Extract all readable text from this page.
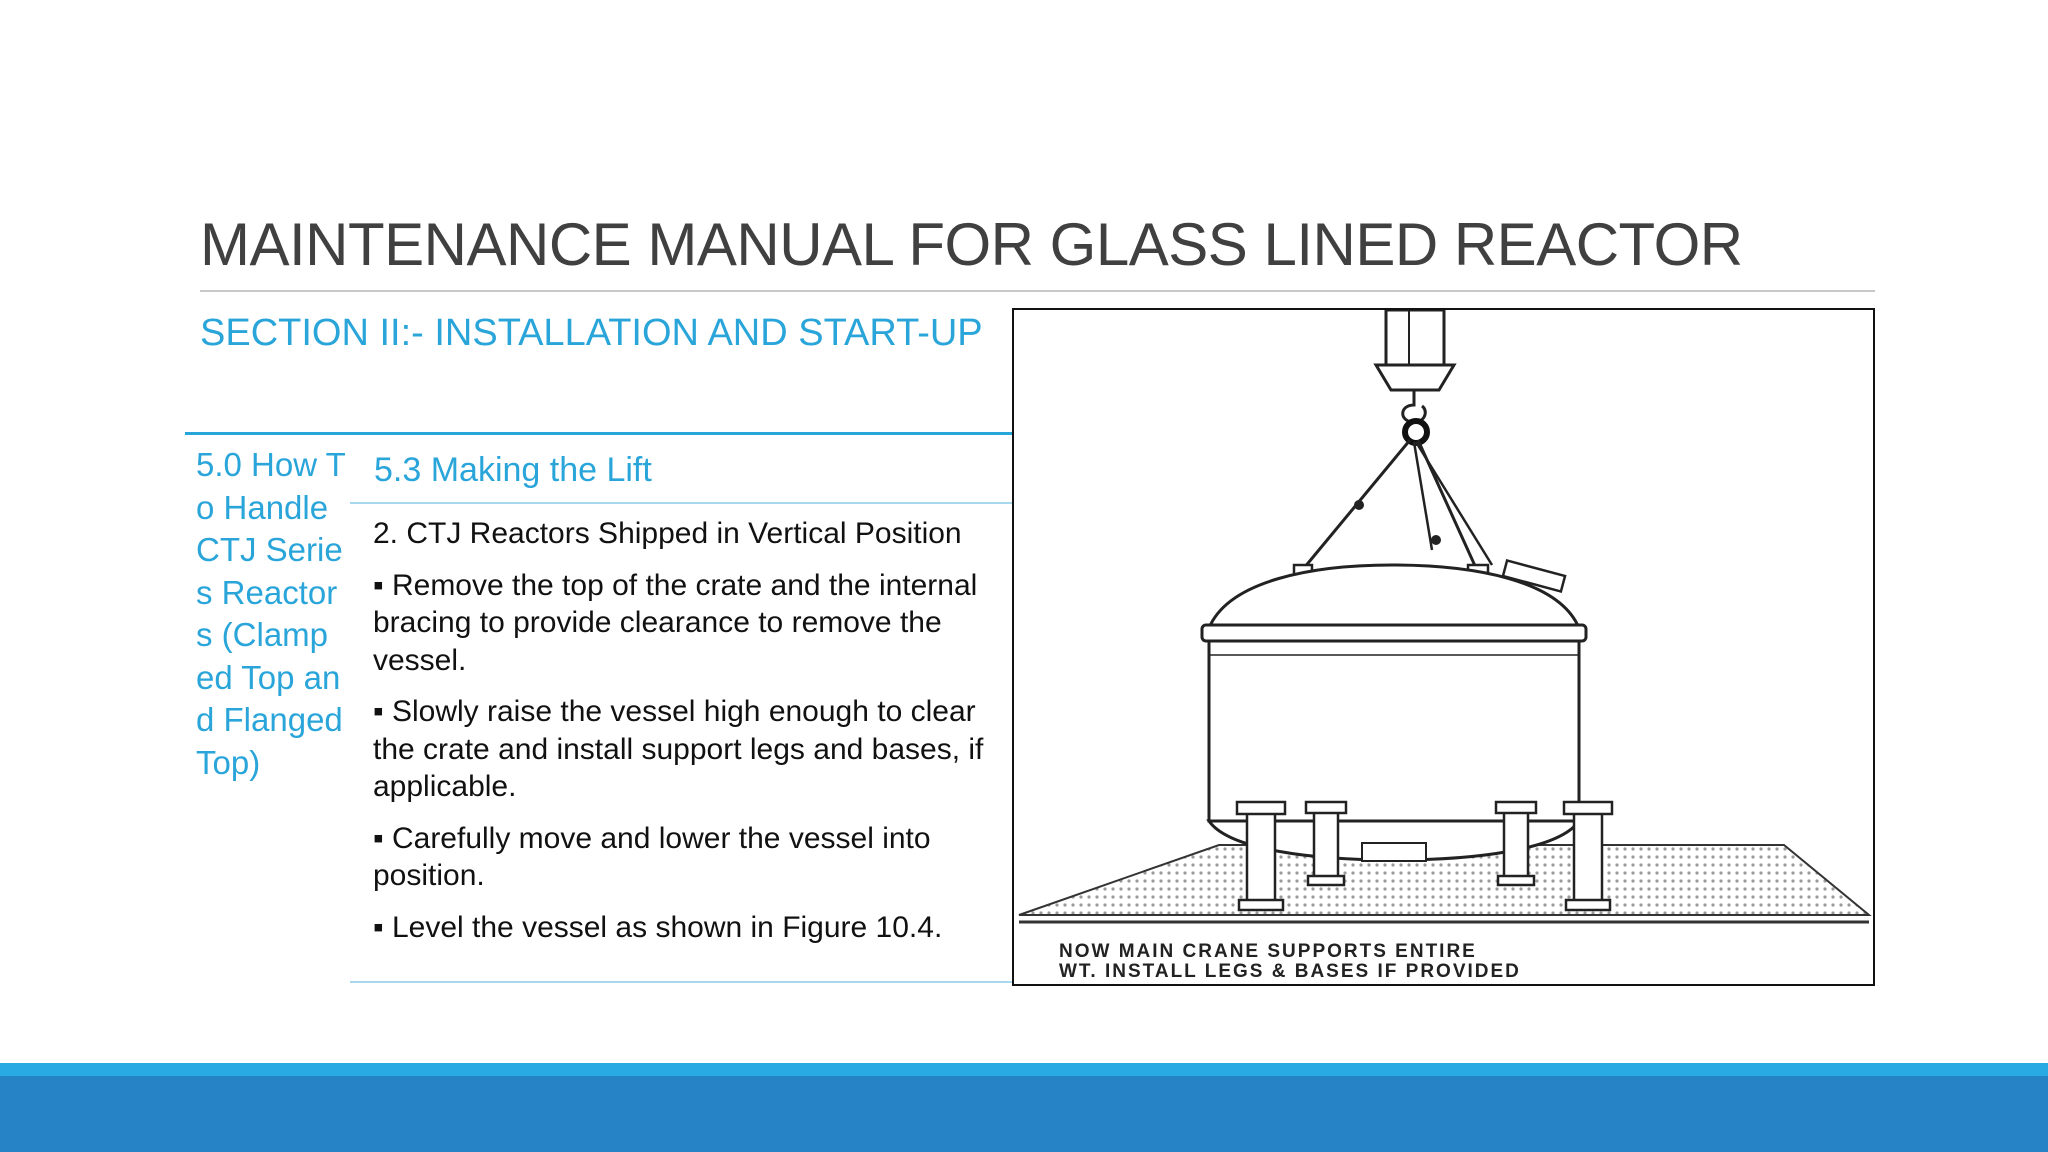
MAINTENANCE MANUAL FOR GLASS LINED REACTOR
SECTION II:- INSTALLATION AND START-UP
5.0 How To Handle CTJ Series Reactors (Clamped Top and Flanged Top)
5.3 Making the Lift

2. CTJ Reactors Shipped in Vertical Position

▪ Remove the top of the crate and the internal bracing to provide clearance to remove the vessel.

▪ Slowly raise the vessel high enough to clear the crate and install support legs and bases, if applicable.

▪ Carefully move and lower the vessel into position.

▪ Level the vessel as shown in Figure 10.4.

NOW MAIN CRANE SUPPORTS ENTIRE
WT. INSTALL LEGS & BASES IF PROVIDED
